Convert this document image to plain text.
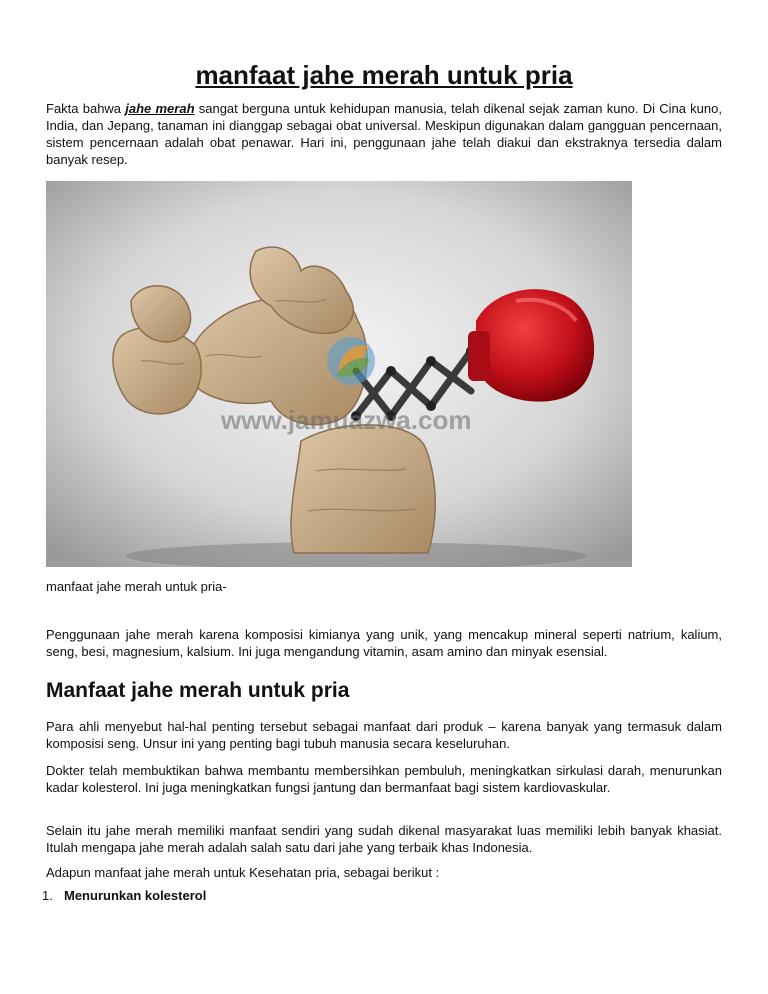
manfaat jahe merah untuk pria

Fakta bahwa jahe merah sangat berguna untuk kehidupan manusia, telah dikenal sejak zaman kuno. Di Cina kuno, India, dan Jepang, tanaman ini dianggap sebagai obat universal. Meskipun digunakan dalam gangguan pencernaan, sistem pencernaan adalah obat penawar. Hari ini, penggunaan jahe telah diakui dan ekstraknya tersedia dalam banyak resep.

www.jamuazwa.com
manfaat jahe merah untuk pria-

Penggunaan jahe merah karena komposisi kimianya yang unik, yang mencakup mineral seperti natrium, kalium, seng, besi, magnesium, kalsium. Ini juga mengandung vitamin, asam amino dan minyak esensial.

Manfaat jahe merah untuk pria

Para ahli menyebut hal-hal penting tersebut sebagai manfaat dari produk – karena banyak yang termasuk dalam komposisi seng. Unsur ini yang penting bagi tubuh manusia secara keseluruhan.

Dokter telah membuktikan bahwa membantu membersihkan pembuluh, meningkatkan sirkulasi darah, menurunkan kadar kolesterol. Ini juga meningkatkan fungsi jantung dan bermanfaat bagi sistem kardiovaskular.

Selain itu jahe merah memiliki manfaat sendiri yang sudah dikenal masyarakat luas memiliki lebih banyak khasiat. Itulah mengapa jahe merah adalah salah satu dari jahe yang terbaik khas Indonesia.

Adapun manfaat jahe merah untuk Kesehatan pria, sebagai berikut :

1. Menurunkan kolesterol
